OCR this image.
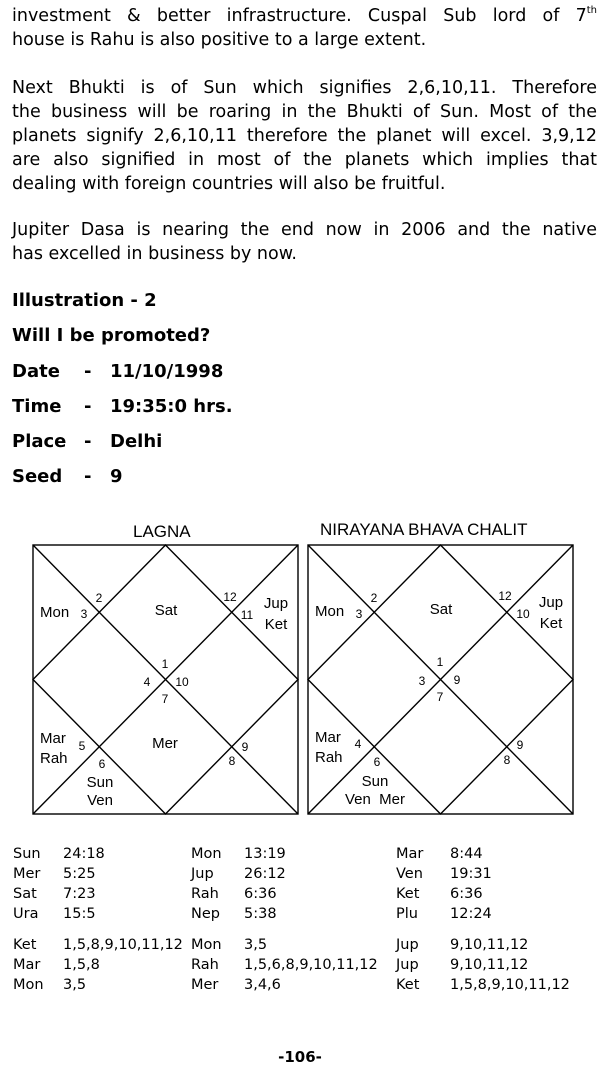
investment & better infrastructure. Cuspal Sub lord of 7th
house is Rahu is also positive to a large extent.
Next Bhukti is of Sun which signifies 2,6,10,11. Therefore
the business will be roaring in the Bhukti of Sun. Most of the
planets signify 2,6,10,11 therefore the planet will excel. 3,9,12
are also signified in most of the planets which implies that
dealing with foreign countries will also be fruitful.
Jupiter Dasa is nearing the end now in 2006 and the native
has excelled in business by now.
Illustration - 2
Will I be promoted?
Date - 11/10/1998
Time - 19:35:0 hrs.
Place - Delhi
Seed - 9
LAGNA	NIRAYANA BHAVA CHALIT
1
2
3
4
5
6
7
8
9
10
11
12
Mon	Sat	Jup
Ket
Mar
Rah
Mer
Sun
Ven
1
2
3
3
4
6
7
8
9
9
10
12
Mon	Sat	Jup
Ket
Mar
Rah
Sun
Ven  Mer
Sun 24:18	Mon 13:19	Mar 8:44
Mer 5:25	Jup 26:12	Ven 19:31
Sat 7:23	Rah 6:36	Ket 6:36
Ura 15:5	Nep 5:38	Plu 12:24
Ket 1,5,8,9,10,11,12 Mon 3,5	Jup 9,10,11,12
Mar 1,5,8	Rah 1,5,6,8,9,10,11,12 Jup 9,10,11,12
Mon 3,5	Mer 3,4,6	Ket 1,5,8,9,10,11,12
-106-
